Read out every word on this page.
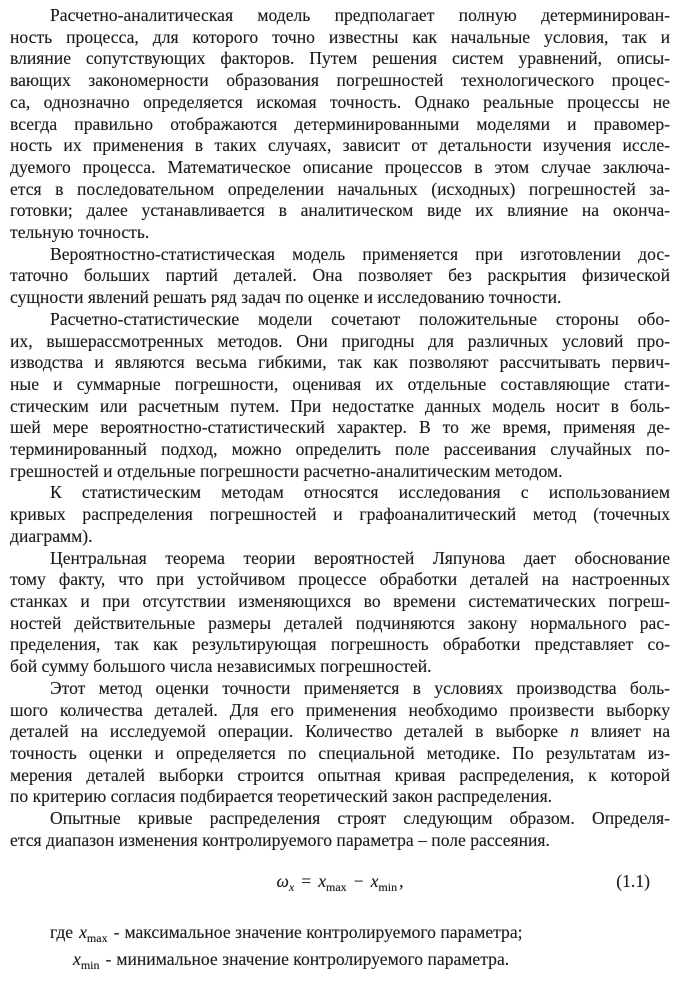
Расчетно-аналитическая модель предполагает полную детерминирован-
ность процесса, для которого точно известны как начальные условия, так и
влияние сопутствующих факторов. Путем решения систем уравнений, описы-
вающих закономерности образования погрешностей технологического процес-
са, однозначно определяется искомая точность. Однако реальные процессы не
всегда правильно отображаются детерминированными моделями и правомер-
ность их применения в таких случаях, зависит от детальности изучения иссле-
дуемого процесса. Математическое описание процессов в этом случае заключа-
ется в последовательном определении начальных (исходных) погрешностей за-
готовки; далее устанавливается в аналитическом виде их влияние на оконча-
тельную точность.
Вероятностно-статистическая модель применяется при изготовлении дос-
таточно больших партий деталей. Она позволяет без раскрытия физической
сущности явлений решать ряд задач по оценке и исследованию точности.
Расчетно-статистические модели сочетают положительные стороны обо-
их, вышерассмотренных методов. Они пригодны для различных условий про-
изводства и являются весьма гибкими, так как позволяют рассчитывать первич-
ные и суммарные погрешности, оценивая их отдельные составляющие стати-
стическим или расчетным путем. При недостатке данных модель носит в боль-
шей мере вероятностно-статистический характер. В то же время, применяя де-
терминированный подход, можно определить поле рассеивания случайных по-
грешностей и отдельные погрешности расчетно-аналитическим методом.
К статистическим методам относятся исследования с использованием
кривых распределения погрешностей и графоаналитический метод (точечных
диаграмм).
Центральная теорема теории вероятностей Ляпунова дает обоснование
тому факту, что при устойчивом процессе обработки деталей на настроенных
станках и при отсутствии изменяющихся во времени систематических погреш-
ностей действительные размеры деталей подчиняются закону нормального рас-
пределения, так как результирующая погрешность обработки представляет со-
бой сумму большого числа независимых погрешностей.
Этот метод оценки точности применяется в условиях производства боль-
шого количества деталей. Для его применения необходимо произвести выборку
деталей на исследуемой операции. Количество деталей в выборке n влияет на
точность оценки и определяется по специальной методике. По результатам из-
мерения деталей выборки строится опытная кривая распределения, к которой
по критерию согласия подбирается теоретический закон распределения.
Опытные кривые распределения строят следующим образом. Определя-
ется диапазон изменения контролируемого параметра – поле рассеяния.
$\omega_x = x_{max} - x_{min}$ ,	(1.1)
где $x_{max}$ - максимальное значение контролируемого параметра;
$x_{min}$ - минимальное значение контролируемого параметра.
